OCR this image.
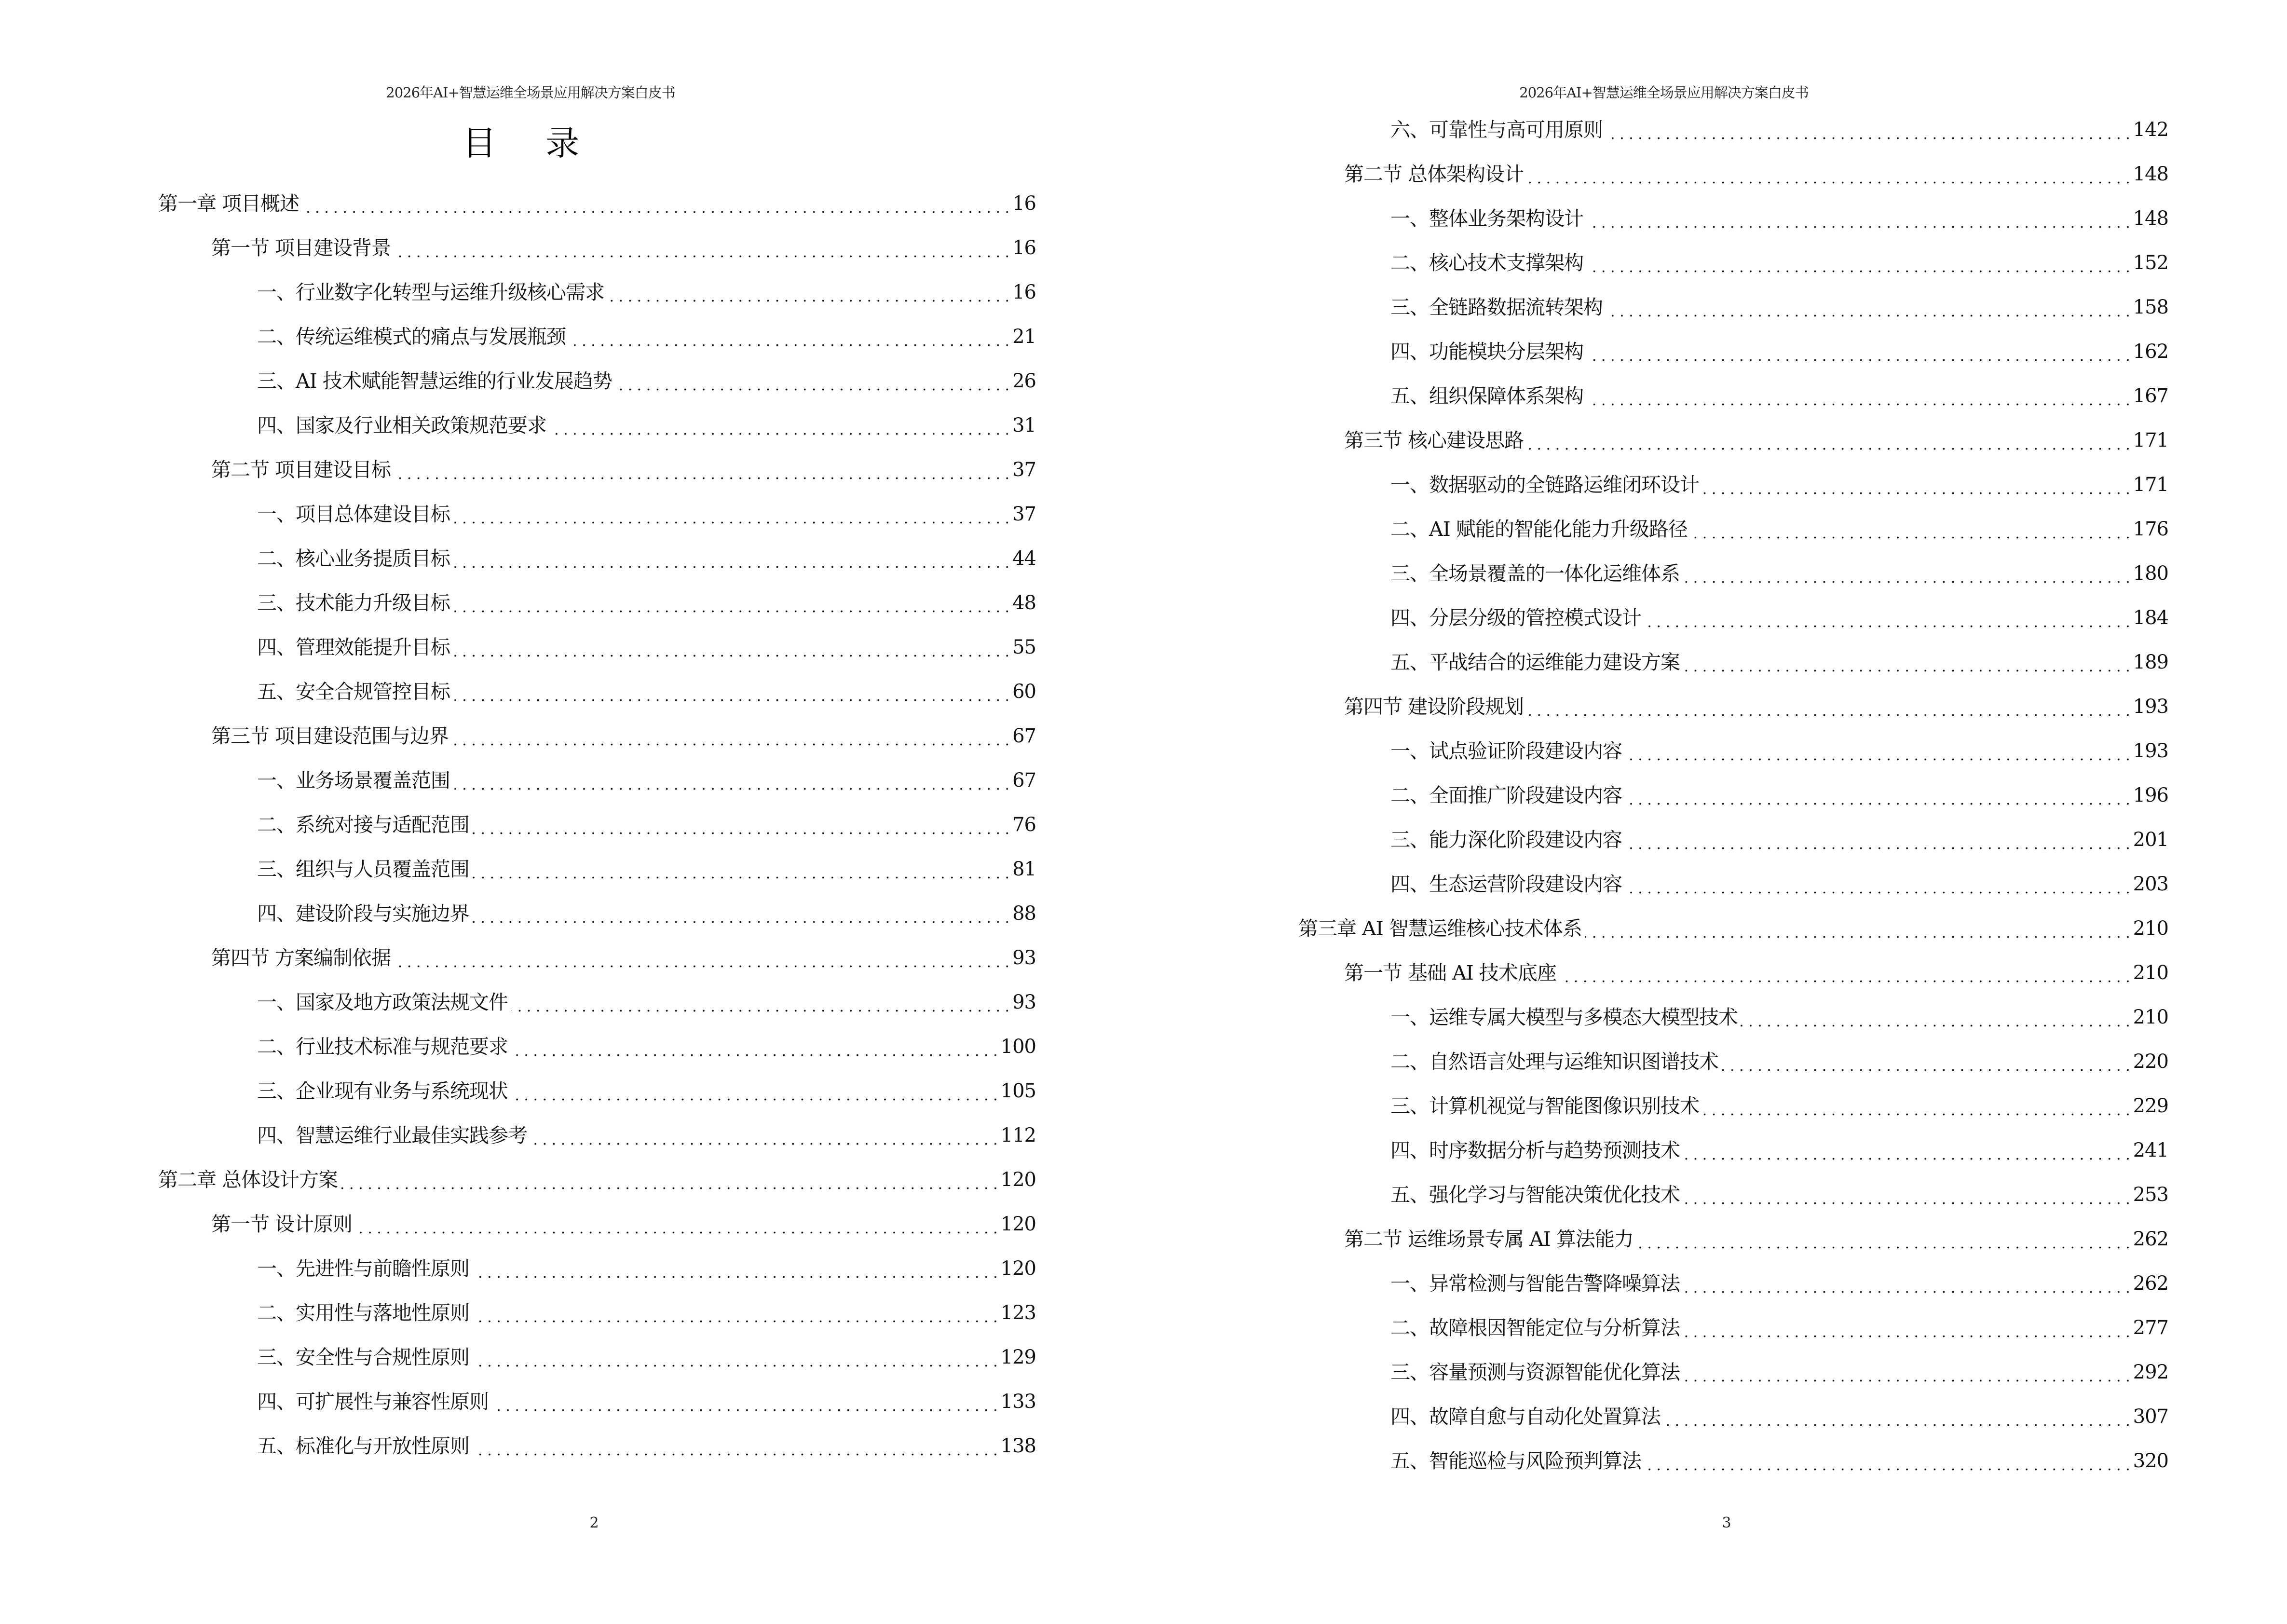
2026年AI+智慧运维全场景应用解决方案白皮书
目 录
第一章 项目概述 . . .	16
第一节 项目建设背景 . . .	16
一、行业数字化转型与运维升级核心需求 . . .	16
二、传统运维模式的痛点与发展瓶颈 . . .	21
三、AI 技术赋能智慧运维的行业发展趋势 . . .	26
四、国家及行业相关政策规范要求 . . .	31
第二节 项目建设目标 . . .	37
一、项目总体建设目标 . . .	37
二、核心业务提质目标 . . .	44
三、技术能力升级目标 . . .	48
四、管理效能提升目标 . . .	55
五、安全合规管控目标 . . .	60
第三节 项目建设范围与边界 . . .	67
一、业务场景覆盖范围 . . .	67
二、系统对接与适配范围 . . .	76
三、组织与人员覆盖范围 . . .	81
四、建设阶段与实施边界 . . .	88
第四节 方案编制依据 . . .	93
一、国家及地方政策法规文件 . . .	93
二、行业技术标准与规范要求 . . .	100
三、企业现有业务与系统现状 . . .	105
四、智慧运维行业最佳实践参考 . . .	112
第二章 总体设计方案 . . .	120
第一节 设计原则 . . .	120
一、先进性与前瞻性原则 . . .	120
二、实用性与落地性原则 . . .	123
三、安全性与合规性原则 . . .	129
四、可扩展性与兼容性原则 . . .	133
五、标准化与开放性原则 . . .	138
2
2026年AI+智慧运维全场景应用解决方案白皮书
六、可靠性与高可用原则 . . .	142
第二节 总体架构设计 . . .	148
一、整体业务架构设计 . . .	148
二、核心技术支撑架构 . . .	152
三、全链路数据流转架构 . . .	158
四、功能模块分层架构 . . .	162
五、组织保障体系架构 . . .	167
第三节 核心建设思路 . . .	171
一、数据驱动的全链路运维闭环设计 . . .	171
二、AI 赋能的智能化能力升级路径 . . .	176
三、全场景覆盖的一体化运维体系 . . .	180
四、分层分级的管控模式设计 . . .	184
五、平战结合的运维能力建设方案 . . .	189
第四节 建设阶段规划 . . .	193
一、试点验证阶段建设内容 . . .	193
二、全面推广阶段建设内容 . . .	196
三、能力深化阶段建设内容 . . .	201
四、生态运营阶段建设内容 . . .	203
第三章 AI 智慧运维核心技术体系 . . .	210
第一节 基础 AI 技术底座 . . .	210
一、运维专属大模型与多模态大模型技术 . . .	210
二、自然语言处理与运维知识图谱技术 . . .	220
三、计算机视觉与智能图像识别技术 . . .	229
四、时序数据分析与趋势预测技术 . . .	241
五、强化学习与智能决策优化技术 . . .	253
第二节 运维场景专属 AI 算法能力 . . .	262
一、异常检测与智能告警降噪算法 . . .	262
二、故障根因智能定位与分析算法 . . .	277
三、容量预测与资源智能优化算法 . . .	292
四、故障自愈与自动化处置算法 . . .	307
五、智能巡检与风险预判算法 . . .	320
3
